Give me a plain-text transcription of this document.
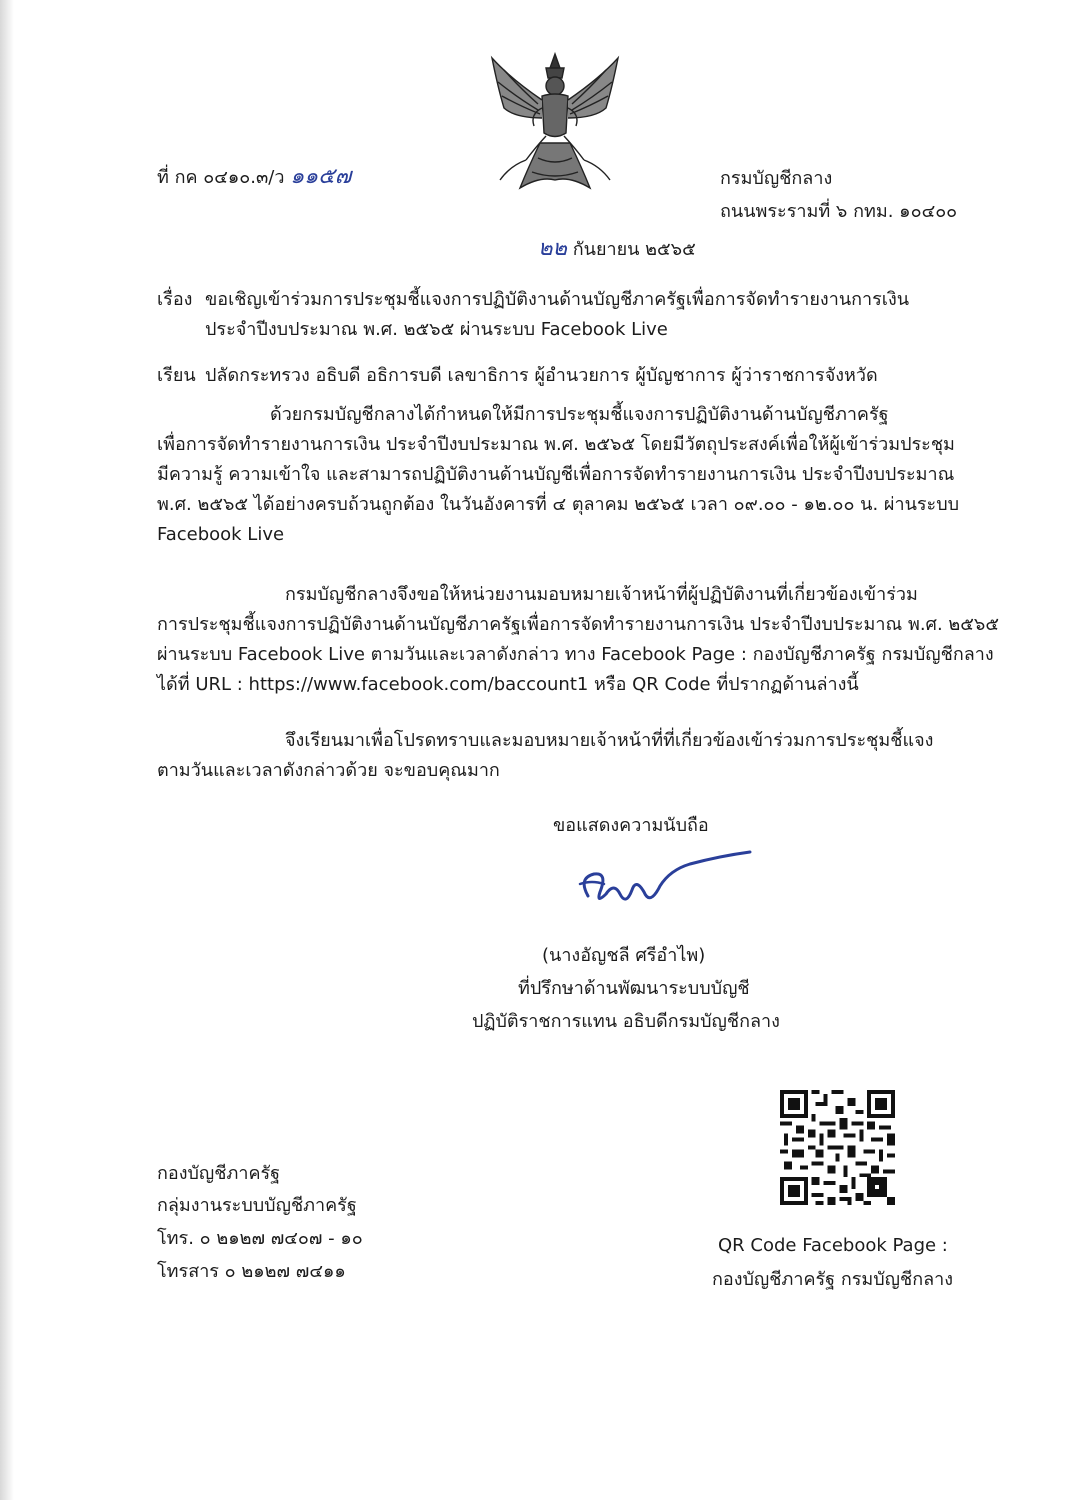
ที่ กค ๐๔๑๐.๓/ว ๑๑๕๗	กรมบัญชีกลาง
ถนนพระรามที่ ๖ กทม. ๑๐๔๐๐
๒๒ กันยายน ๒๕๖๕
เรื่อง ขอเชิญเข้าร่วมการประชุมชี้แจงการปฏิบัติงานด้านบัญชีภาครัฐเพื่อการจัดทำรายงานการเงิน
ประจำปีงบประมาณ พ.ศ. ๒๕๖๕ ผ่านระบบ Facebook Live
เรียน ปลัดกระทรวง อธิบดี อธิการบดี เลขาธิการ ผู้อำนวยการ ผู้บัญชาการ ผู้ว่าราชการจังหวัด
ด้วยกรมบัญชีกลางได้กำหนดให้มีการประชุมชี้แจงการปฏิบัติงานด้านบัญชีภาครัฐ
เพื่อการจัดทำรายงานการเงิน ประจำปีงบประมาณ พ.ศ. ๒๕๖๕ โดยมีวัตถุประสงค์เพื่อให้ผู้เข้าร่วมประชุม
มีความรู้ ความเข้าใจ และสามารถปฏิบัติงานด้านบัญชีเพื่อการจัดทำรายงานการเงิน ประจำปีงบประมาณ
พ.ศ. ๒๕๖๕ ได้อย่างครบถ้วนถูกต้อง ในวันอังคารที่ ๔ ตุลาคม ๒๕๖๕ เวลา ๐๙.๐๐ - ๑๒.๐๐ น. ผ่านระบบ
Facebook Live
กรมบัญชีกลางจึงขอให้หน่วยงานมอบหมายเจ้าหน้าที่ผู้ปฏิบัติงานที่เกี่ยวข้องเข้าร่วม
การประชุมชี้แจงการปฏิบัติงานด้านบัญชีภาครัฐเพื่อการจัดทำรายงานการเงิน ประจำปีงบประมาณ พ.ศ. ๒๕๖๕
ผ่านระบบ Facebook Live ตามวันและเวลาดังกล่าว ทาง Facebook Page : กองบัญชีภาครัฐ กรมบัญชีกลาง
ได้ที่ URL : https://www.facebook.com/baccount1 หรือ QR Code ที่ปรากฏด้านล่างนี้
จึงเรียนมาเพื่อโปรดทราบและมอบหมายเจ้าหน้าที่ที่เกี่ยวข้องเข้าร่วมการประชุมชี้แจง
ตามวันและเวลาดังกล่าวด้วย จะขอบคุณมาก
ขอแสดงความนับถือ
(นางอัญชลี ศรีอำไพ)
ที่ปรึกษาด้านพัฒนาระบบบัญชี
ปฏิบัติราชการแทน อธิบดีกรมบัญชีกลาง
QR Code Facebook Page :
กองบัญชีภาครัฐ กรมบัญชีกลาง
กองบัญชีภาครัฐ
กลุ่มงานระบบบัญชีภาครัฐ
โทร. ๐ ๒๑๒๗ ๗๔๐๗ - ๑๐
โทรสาร ๐ ๒๑๒๗ ๗๔๑๑
